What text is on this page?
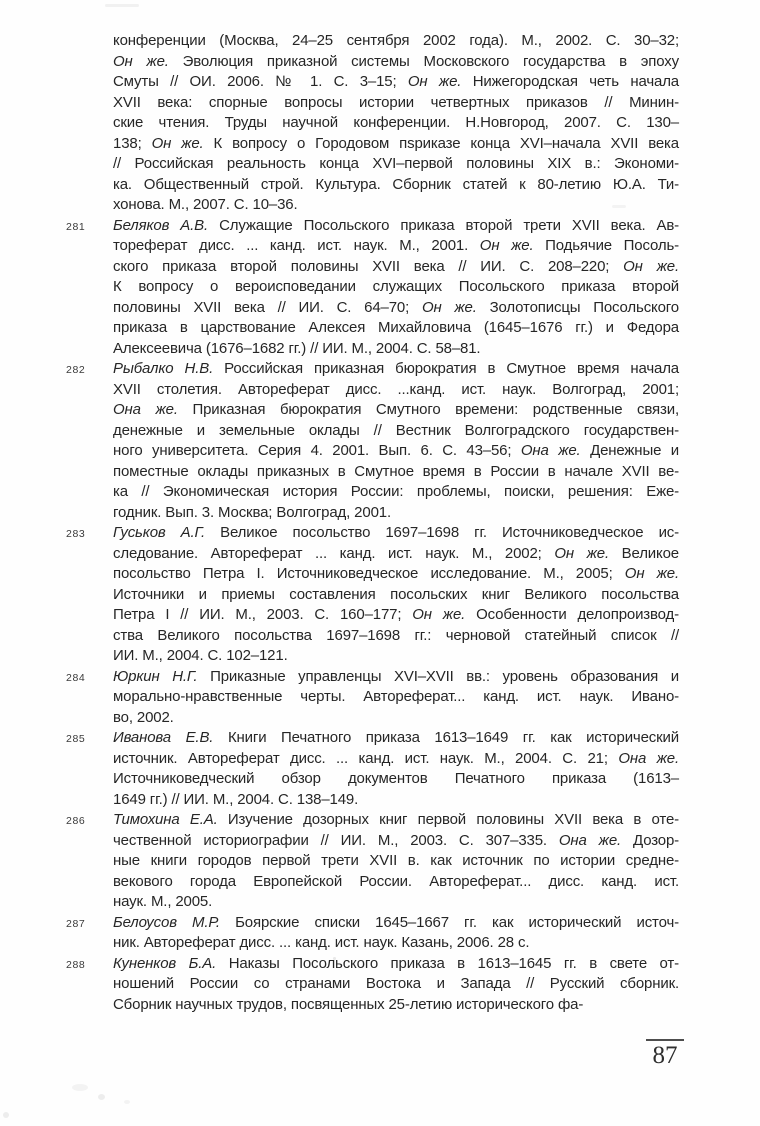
конференции (Москва, 24–25 сентября 2002 года). М., 2002. С. 30–32;
Он же. Эволюция приказной системы Московского государства в эпоху
Смуты // ОИ. 2006. № 1. С. 3–15; Он же. Нижегородская четь начала
XVII века: спорные вопросы истории четвертных приказов // Минин-
ские чтения. Труды научной конференции. Н.Новгород, 2007. С. 130–
138; Он же. К вопросу о Городовом пsриказе конца XVI–начала XVII века
// Российская реальность конца XVI–первой половины XIX в.: Экономи-
ка. Общественный строй. Культура. Сборник статей к 80-летию Ю.А. Ти-
хонова. М., 2007. С. 10–36.
281 Беляков А.В. Служащие Посольского приказа второй трети XVII века. Ав-
тореферат дисс. ... канд. ист. наук. М., 2001. Он же. Подьячие Посоль-
ского приказа второй половины XVII века // ИИ. С. 208–220; Он же.
К вопросу о вероисповедании служащих Посольского приказа второй
половины XVII века // ИИ. С. 64–70; Он же. Золотописцы Посольского
приказа в царствование Алексея Михайловича (1645–1676 гг.) и Федора
Алексеевича (1676–1682 гг.) // ИИ. М., 2004. С. 58–81.
282 Рыбалко Н.В. Российская приказная бюрократия в Смутное время начала
XVII столетия. Автореферат дисс. ...канд. ист. наук. Волгоград, 2001;
Она же. Приказная бюрократия Смутного времени: родственные связи,
денежные и земельные оклады // Вестник Волгоградского государствен-
ного университета. Серия 4. 2001. Вып. 6. С. 43–56; Она же. Денежные и
поместные оклады приказных в Смутное время в России в начале XVII ве-
ка // Экономическая история России: проблемы, поиски, решения: Еже-
годник. Вып. 3. Москва; Волгоград, 2001.
283 Гуськов А.Г. Великое посольство 1697–1698 гг. Источниковедческое ис-
следование. Автореферат ... канд. ист. наук. М., 2002; Он же. Великое
посольство Петра I. Источниковедческое исследование. М., 2005; Он же.
Источники и приемы составления посольских книг Великого посольства
Петра I // ИИ. М., 2003. С. 160–177; Он же. Особенности делопроизвод-
ства Великого посольства 1697–1698 гг.: черновой статейный список //
ИИ. М., 2004. С. 102–121.
284 Юркин Н.Г. Приказные управленцы XVI–XVII вв.: уровень образования и
морально-нравственные черты. Автореферат... канд. ист. наук. Ивано-
во, 2002.
285 Иванова Е.В. Книги Печатного приказа 1613–1649 гг. как исторический
источник. Автореферат дисс. ... канд. ист. наук. М., 2004. С. 21; Она же.
Источниковедческий обзор документов Печатного приказа (1613–
1649 гг.) // ИИ. М., 2004. С. 138–149.
286 Тимохина Е.А. Изучение дозорных книг первой половины XVII века в оте-
чественной историографии // ИИ. М., 2003. С. 307–335. Она же. Дозор-
ные книги городов первой трети XVII в. как источник по истории средне-
векового города Европейской России. Автореферат... дисс. канд. ист.
наук. М., 2005.
287 Белоусов М.Р. Боярские списки 1645–1667 гг. как исторический источ-
ник. Автореферат дисс. ... канд. ист. наук. Казань, 2006. 28 с.
288 Куненков Б.А. Наказы Посольского приказа в 1613–1645 гг. в свете от-
ношений России со странами Востока и Запада // Русский сборник.
Сборник научных трудов, посвященных 25-летию исторического фа-
87
